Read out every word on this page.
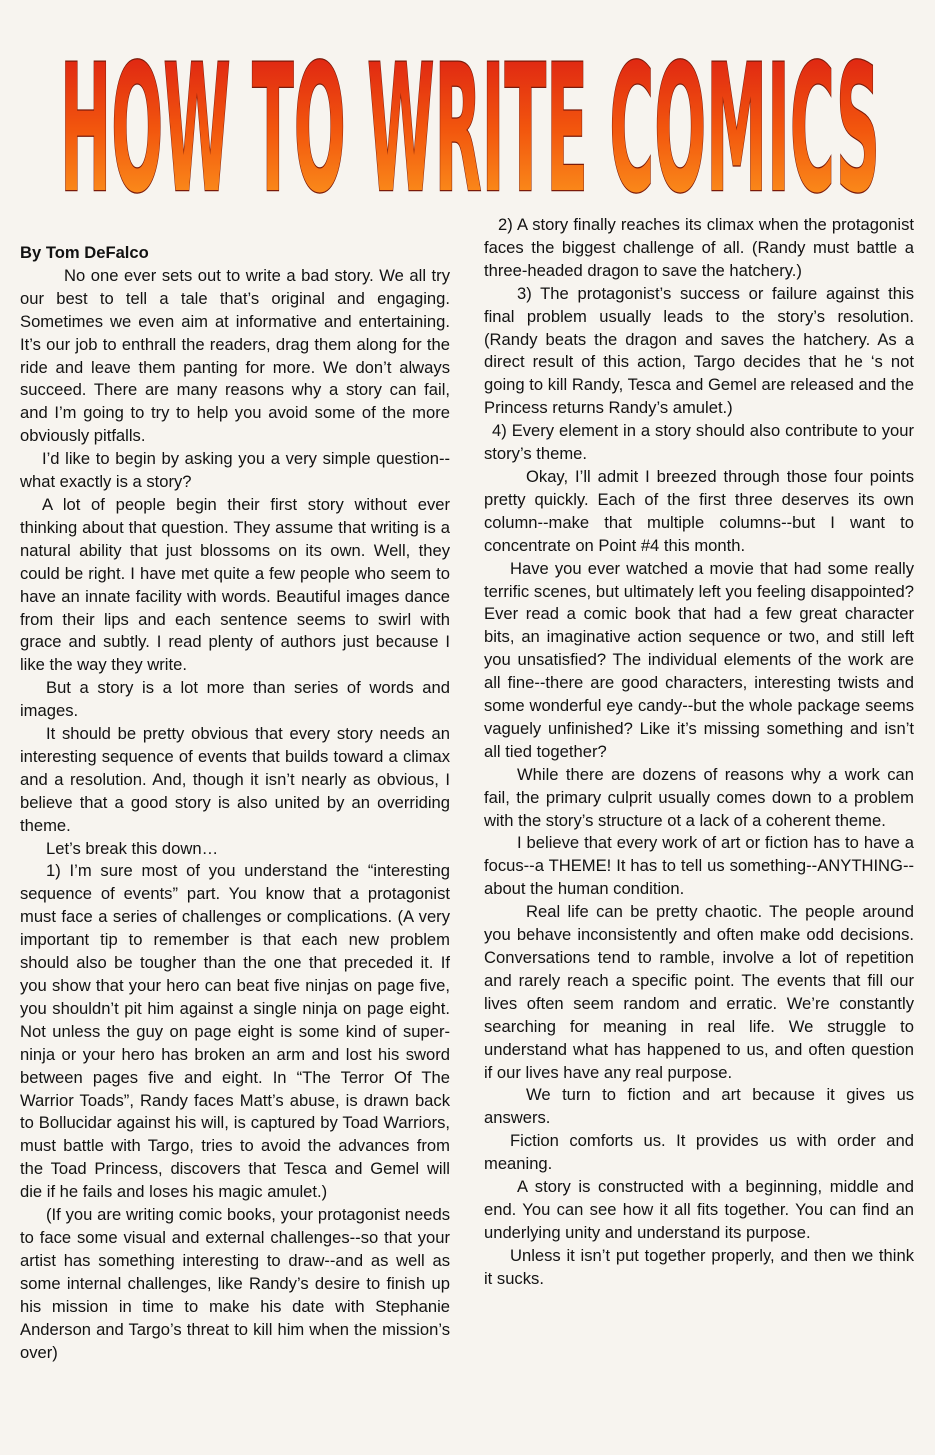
HOW TO WRITE COMICS

By Tom DeFalco

No one ever sets out to write a bad story. We all try our best to tell a tale that’s original and engaging. Sometimes we even aim at informative and entertaining. It’s our job to enthrall the readers, drag them along for the ride and leave them panting for more. We don’t always succeed. There are many reasons why a story can fail, and I’m going to try to help you avoid some of the more obviously pitfalls.

I’d like to begin by asking you a very simple question--what exactly is a story?

A lot of people begin their first story without ever thinking about that question. They assume that writing is a natural ability that just blossoms on its own. Well, they could be right. I have met quite a few people who seem to have an innate facility with words. Beautiful images dance from their lips and each sentence seems to swirl with grace and subtly. I read plenty of authors just because I like the way they write.

But a story is a lot more than series of words and images.

It should be pretty obvious that every story needs an interesting sequence of events that builds toward a climax and a resolution. And, though it isn’t nearly as obvious, I believe that a good story is also united by an overriding theme.

Let’s break this down…

1) I’m sure most of you understand the “interesting sequence of events” part. You know that a protagonist must face a series of challenges or complications. (A very important tip to remember is that each new problem should also be tougher than the one that preceded it. If you show that your hero can beat five ninjas on page five, you shouldn’t pit him against a single ninja on page eight. Not unless the guy on page eight is some kind of super-ninja or your hero has broken an arm and lost his sword between pages five and eight. In “The Terror Of The Warrior Toads”, Randy faces Matt’s abuse, is drawn back to Bollucidar against his will, is captured by Toad Warriors, must battle with Targo, tries to avoid the advances from the Toad Princess, discovers that Tesca and Gemel will die if he fails and loses his magic amulet.)

(If you are writing comic books, your protagonist needs to face some visual and external challenges--so that your artist has something interesting to draw--and as well as some internal challenges, like Randy’s desire to finish up his mission in time to make his date with Stephanie Anderson and Targo’s threat to kill him when the mission’s over)

2) A story finally reaches its climax when the protagonist faces the biggest challenge of all. (Randy must battle a three-headed dragon to save the hatchery.)

3) The protagonist’s success or failure against this final problem usually leads to the story’s resolution. (Randy beats the dragon and saves the hatchery. As a direct result of this action, Targo decides that he ‘s not going to kill Randy, Tesca and Gemel are released and the Princess returns Randy’s amulet.)

4) Every element in a story should also contribute to your story’s theme.

Okay, I’ll admit I breezed through those four points pretty quickly. Each of the first three deserves its own column--make that multiple columns--but I want to concentrate on Point #4 this month.

Have you ever watched a movie that had some really terrific scenes, but ultimately left you feeling disappointed? Ever read a comic book that had a few great character bits, an imaginative action sequence or two, and still left you unsatisfied? The individual elements of the work are all fine--there are good characters, interesting twists and some wonderful eye candy--but the whole package seems vaguely unfinished? Like it’s missing something and isn’t all tied together?

While there are dozens of reasons why a work can fail, the primary culprit usually comes down to a problem with the story’s structure ot a lack of a coherent theme.

I believe that every work of art or fiction has to have a focus--a THEME! It has to tell us something--ANYTHING--about the human condition.

Real life can be pretty chaotic. The people around you behave inconsistently and often make odd decisions. Conversations tend to ramble, involve a lot of repetition and rarely reach a specific point. The events that fill our lives often seem random and erratic. We’re constantly searching for meaning in real life. We struggle to understand what has happened to us, and often question if our lives have any real purpose.

We turn to fiction and art because it gives us answers.

Fiction comforts us. It provides us with order and meaning.

A story is constructed with a beginning, middle and end. You can see how it all fits together. You can find an underlying unity and understand its purpose.

Unless it isn’t put together properly, and then we think it sucks.
